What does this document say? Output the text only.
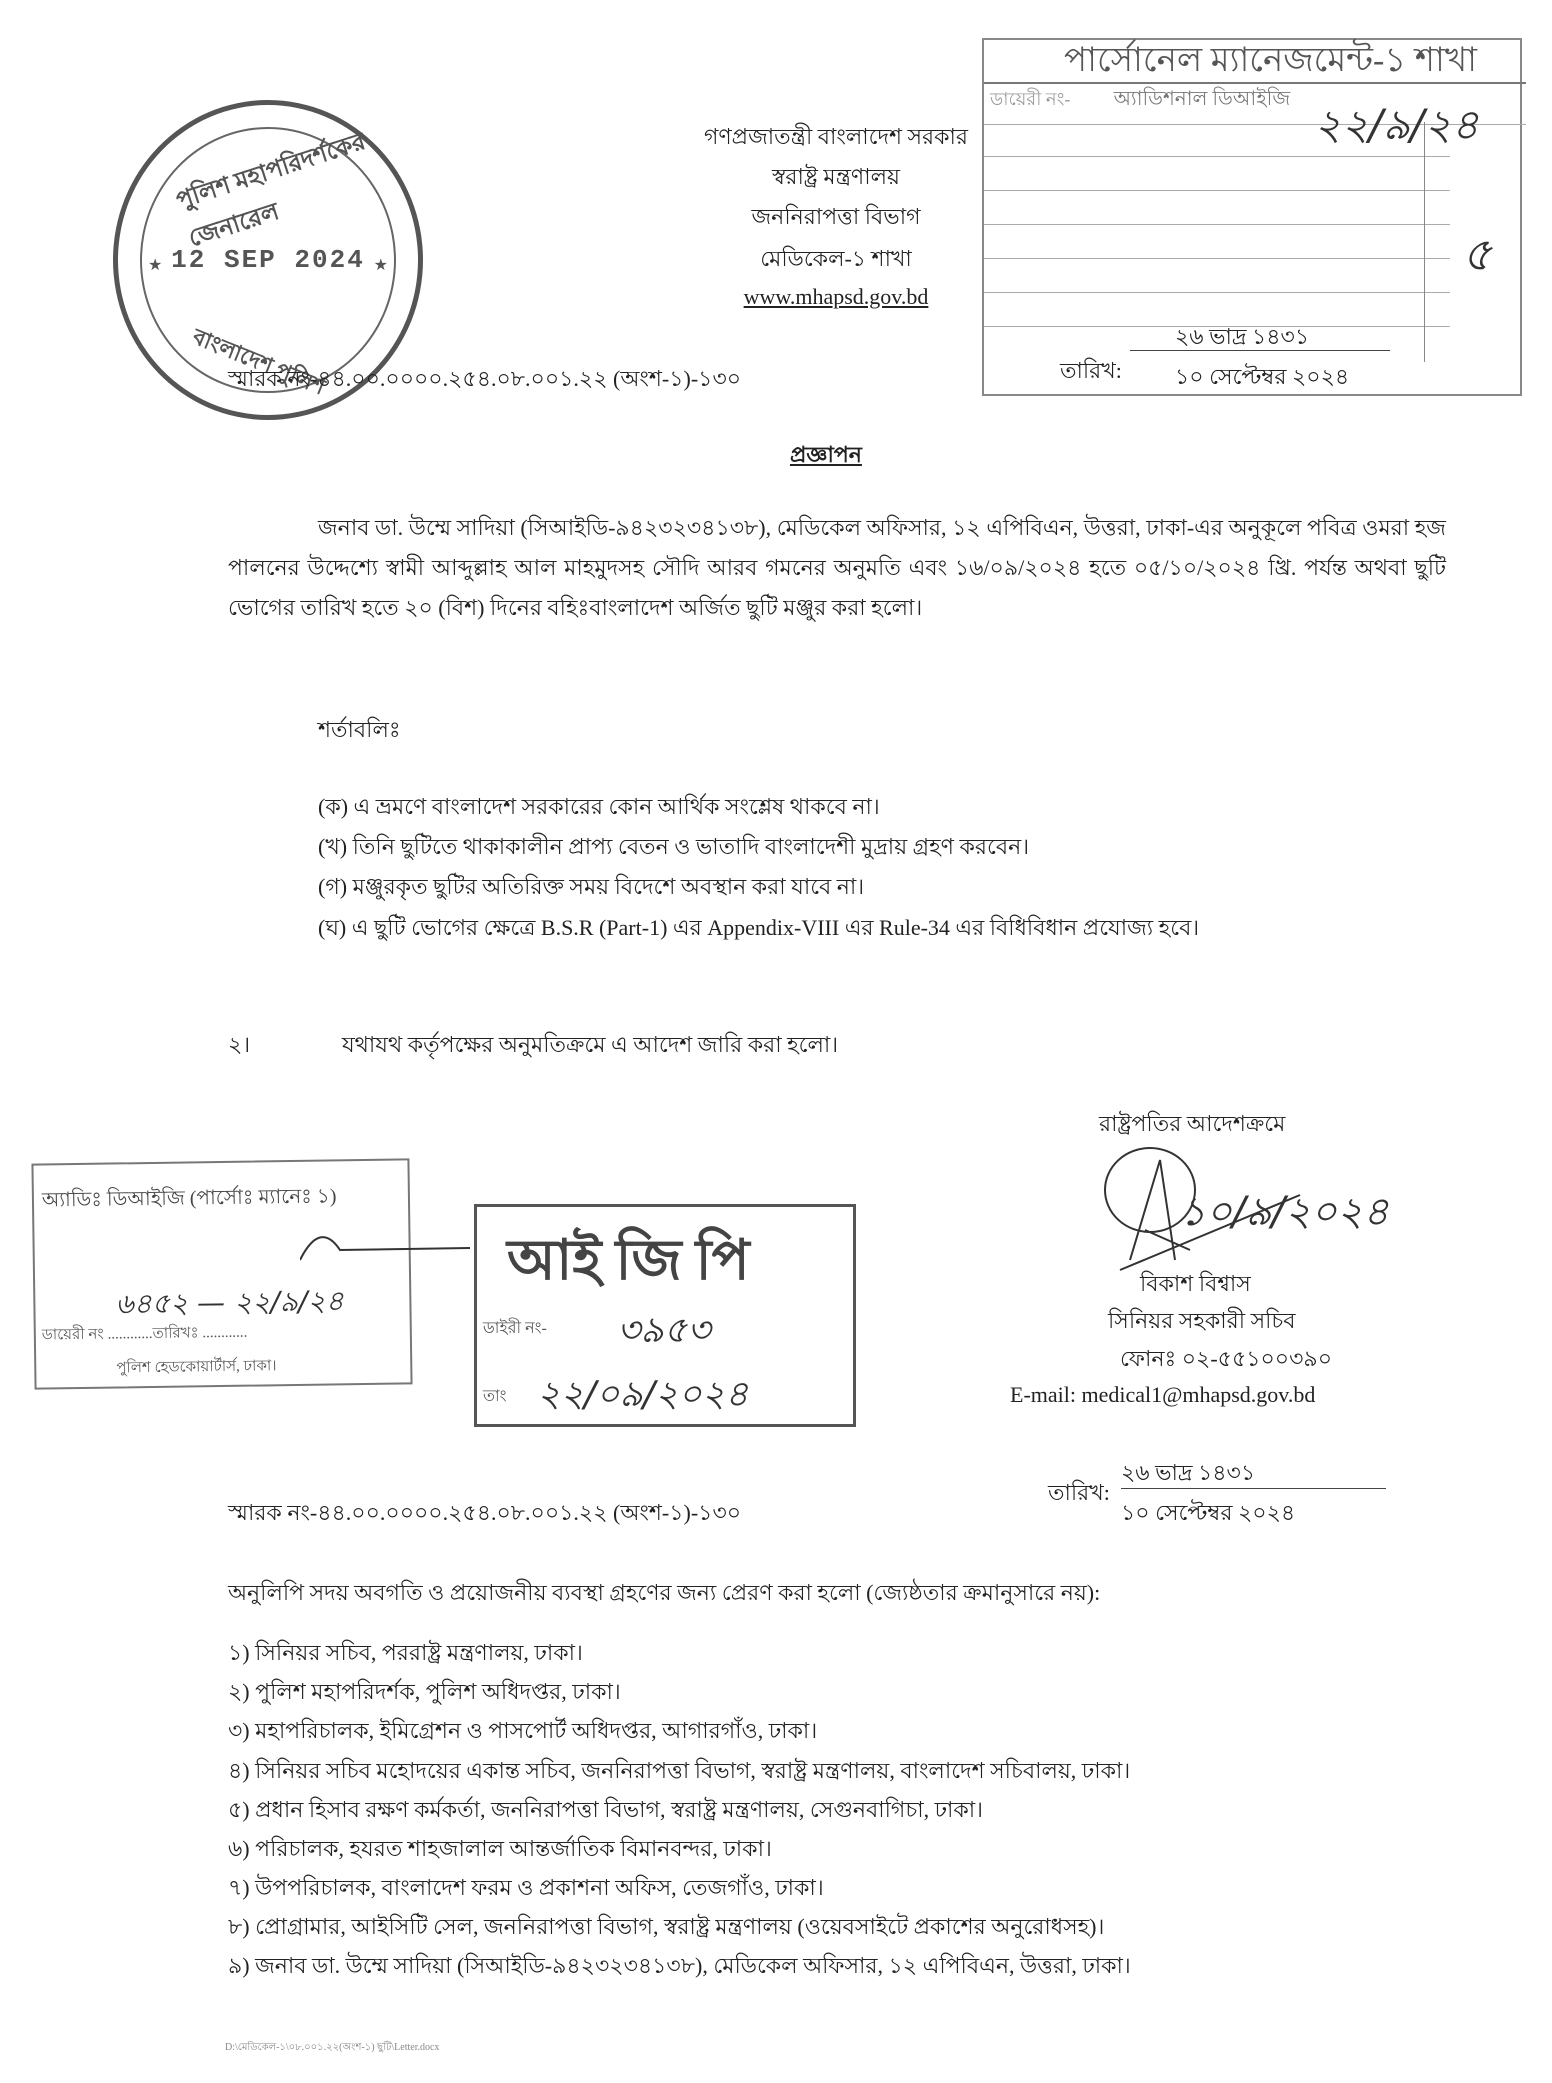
পুলিশ মহাপরিদর্শকের জেনারেল
12 SEP 2024
বাংলাদেশ পুলিশ
★	★
গণপ্রজাতন্ত্রী বাংলাদেশ সরকার
স্বরাষ্ট্র মন্ত্রণালয়
জননিরাপত্তা বিভাগ
মেডিকেল-১ শাখা
www.mhapsd.gov.bd
পার্সোনেল ম্যানেজমেন্ট-১ শাখা
ডায়েরী নং- অ্যাডিশনাল ডিআইজি
২২/৯/২৪
৫
স্মারক নং-৪৪.০০.০০০০.২৫৪.০৮.০০১.২২ (অংশ-১)-১৩০	তারিখ:
২৬ ভাদ্র ১৪৩১
১০ সেপ্টেম্বর ২০২৪
প্রজ্ঞাপন
জনাব ডা. উম্মে সাদিয়া (সিআইডি-৯৪২৩২৩৪১৩৮), মেডিকেল অফিসার, ১২ এপিবিএন, উত্তরা, ঢাকা-এর অনুকূলে পবিত্র ওমরা হজ পালনের উদ্দেশ্যে স্বামী আব্দুল্লাহ আল মাহমুদসহ সৌদি আরব গমনের অনুমতি এবং ১৬/০৯/২০২৪ হতে ০৫/১০/২০২৪ খ্রি. পর্যন্ত অথবা ছুটি ভোগের তারিখ হতে ২০ (বিশ) দিনের বহিঃবাংলাদেশ অর্জিত ছুটি মঞ্জুর করা হলো।
শর্তাবলিঃ
(ক) এ ভ্রমণে বাংলাদেশ সরকারের কোন আর্থিক সংশ্লেষ থাকবে না।
(খ) তিনি ছুটিতে থাকাকালীন প্রাপ্য বেতন ও ভাতাদি বাংলাদেশী মুদ্রায় গ্রহণ করবেন।
(গ) মঞ্জুরকৃত ছুটির অতিরিক্ত সময় বিদেশে অবস্থান করা যাবে না।
(ঘ) এ ছুটি ভোগের ক্ষেত্রে B.S.R (Part-1) এর Appendix-VIII এর Rule-34 এর বিধিবিধান প্রযোজ্য হবে।
২।	যথাযথ কর্তৃপক্ষের অনুমতিক্রমে এ আদেশ জারি করা হলো।
রাষ্ট্রপতির আদেশক্রমে
১০/৯/২০২৪
বিকাশ বিশ্বাস
সিনিয়র সহকারী সচিব
ফোনঃ ০২-৫৫১০০৩৯০
E-mail: medical1@mhapsd.gov.bd
অ্যাডিঃ ডিআইজি (পার্সোঃ ম্যানেঃ ১)
৬৪৫২ — ২২/৯/২৪
ডায়েরী নং ............তারিখঃ ............
পুলিশ হেডকোয়ার্টার্স, ঢাকা।
আই জি পি
ডাইরী নং- ৩৯৫৩
তাং ২২/০৯/২০২৪
স্মারক নং-৪৪.০০.০০০০.২৫৪.০৮.০০১.২২ (অংশ-১)-১৩০
তারিখ:
২৬ ভাদ্র ১৪৩১
১০ সেপ্টেম্বর ২০২৪
অনুলিপি সদয় অবগতি ও প্রয়োজনীয় ব্যবস্থা গ্রহণের জন্য প্রেরণ করা হলো (জ্যেষ্ঠতার ক্রমানুসারে নয়):
১) সিনিয়র সচিব, পররাষ্ট্র মন্ত্রণালয়, ঢাকা।
২) পুলিশ মহাপরিদর্শক, পুলিশ অধিদপ্তর, ঢাকা।
৩) মহাপরিচালক, ইমিগ্রেশন ও পাসপোর্ট অধিদপ্তর, আগারগাঁও, ঢাকা।
৪) সিনিয়র সচিব মহোদয়ের একান্ত সচিব, জননিরাপত্তা বিভাগ, স্বরাষ্ট্র মন্ত্রণালয়, বাংলাদেশ সচিবালয়, ঢাকা।
৫) প্রধান হিসাব রক্ষণ কর্মকর্তা, জননিরাপত্তা বিভাগ, স্বরাষ্ট্র মন্ত্রণালয়, সেগুনবাগিচা, ঢাকা।
৬) পরিচালক, হযরত শাহজালাল আন্তর্জাতিক বিমানবন্দর, ঢাকা।
৭) উপপরিচালক, বাংলাদেশ ফরম ও প্রকাশনা অফিস, তেজগাঁও, ঢাকা।
৮) প্রোগ্রামার, আইসিটি সেল, জননিরাপত্তা বিভাগ, স্বরাষ্ট্র মন্ত্রণালয় (ওয়েবসাইটে প্রকাশের অনুরোধসহ)।
৯) জনাব ডা. উম্মে সাদিয়া (সিআইডি-৯৪২৩২৩৪১৩৮), মেডিকেল অফিসার, ১২ এপিবিএন, উত্তরা, ঢাকা।
D:\মেডিকেল-১\০৮.০০১.২২(অংশ-১) ছুটি\Letter.docx
